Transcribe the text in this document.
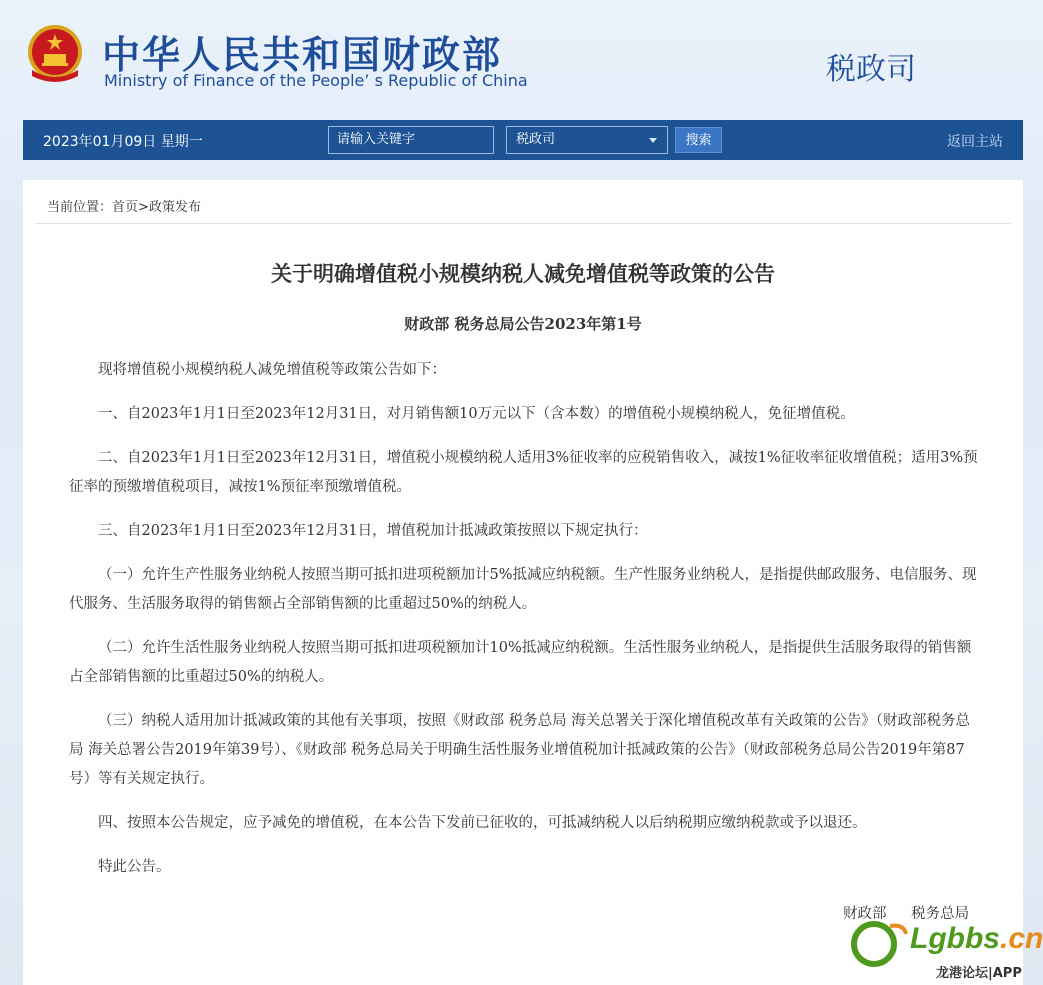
中华人民共和国财政部
Ministry of Finance of the People’ s Republic of China	税政司
2023年01月09日 星期一	请输入关键字	税政司	搜索	返回主站
当前位置：首页>政策发布
关于明确增值税小规模纳税人减免增值税等政策的公告
财政部 税务总局公告2023年第1号

现将增值税小规模纳税人减免增值税等政策公告如下：

一、自2023年1月1日至2023年12月31日，对月销售额10万元以下（含本数）的增值税小规模纳税人，免征增值税。

二、自2023年1月1日至2023年12月31日，增值税小规模纳税人适用3%征收率的应税销售收入，减按1%征收率征收增值税；适用3%预征率的预缴增值税项目，减按1%预征率预缴增值税。

三、自2023年1月1日至2023年12月31日，增值税加计抵减政策按照以下规定执行：

（一）允许生产性服务业纳税人按照当期可抵扣进项税额加计5%抵减应纳税额。生产性服务业纳税人，是指提供邮政服务、电信服务、现代服务、生活服务取得的销售额占全部销售额的比重超过50%的纳税人。

（二）允许生活性服务业纳税人按照当期可抵扣进项税额加计10%抵减应纳税额。生活性服务业纳税人，是指提供生活服务取得的销售额占全部销售额的比重超过50%的纳税人。

（三）纳税人适用加计抵减政策的其他有关事项，按照《财政部 税务总局 海关总署关于深化增值税改革有关政策的公告》（财政部税务总局 海关总署公告2019年第39号）、《财政部 税务总局关于明确生活性服务业增值税加计抵减政策的公告》（财政部税务总局公告2019年第87号）等有关规定执行。

四、按照本公告规定，应予减免的增值税，在本公告下发前已征收的，可抵减纳税人以后纳税期应缴纳税款或予以退还。

特此公告。

财政部 税务总局
Lgbbs.cn
龙港论坛|APP
